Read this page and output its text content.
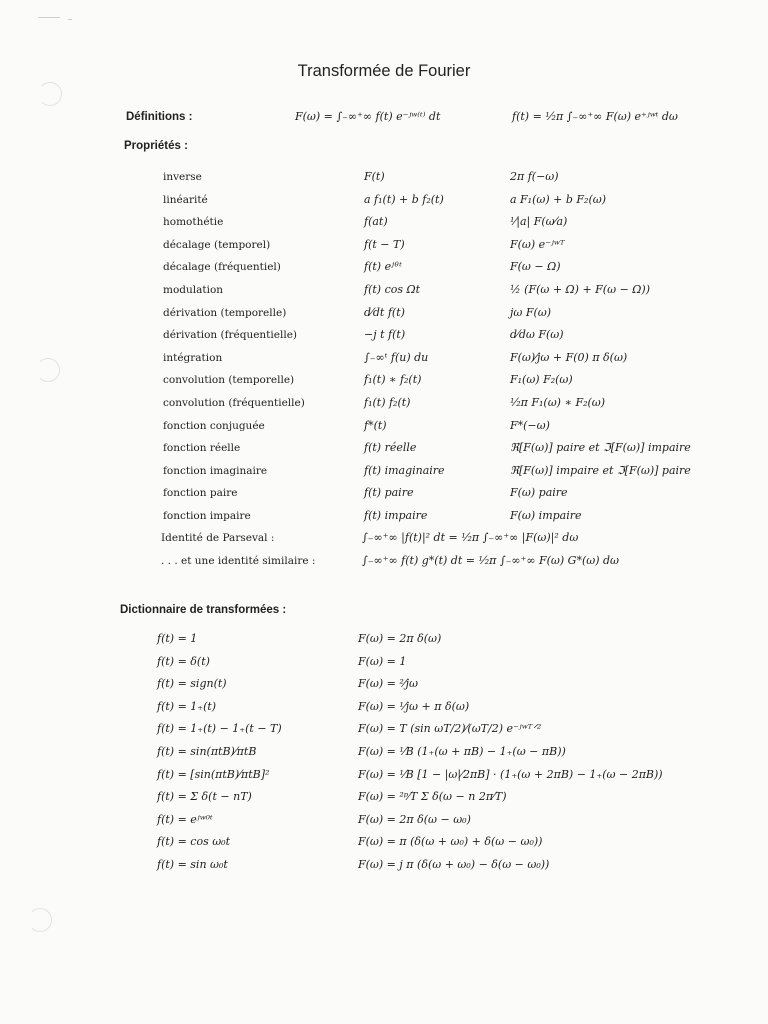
Transformée de Fourier
Définitions :	F(ω) = ∫₋∞⁺∞ f(t) e⁻ʲʷ⁽ᵗ⁾ dt	f(t) = ¹⁄₂π ∫₋∞⁺∞ F(ω) e⁺ʲʷᵗ dω
Propriétés :
inverse	F(t)	2π f(−ω)
linéarité	a f₁(t) + b f₂(t)	a F₁(ω) + b F₂(ω)
homothétie	f(at)	¹⁄|a| F(ω⁄a)
décalage (temporel)	f(t − T)	F(ω) e⁻ʲʷᵀ
décalage (fréquentiel)	f(t) eʲᶿᵗ	F(ω − Ω)
modulation	f(t) cos Ωt	½ (F(ω + Ω) + F(ω − Ω))
dérivation (temporelle)	d⁄dt f(t)	jω F(ω)
dérivation (fréquentielle)	−j t f(t)	d⁄dω F(ω)
intégration	∫₋∞ᵗ f(u) du	F(ω)⁄jω + F(0) π δ(ω)
convolution (temporelle)	f₁(t) ∗ f₂(t)	F₁(ω) F₂(ω)
convolution (fréquentielle)	f₁(t) f₂(t)	¹⁄₂π F₁(ω) ∗ F₂(ω)
fonction conjuguée	f*(t)	F*(−ω)
fonction réelle	f(t) réelle	ℜ[F(ω)] paire et ℑ[F(ω)] impaire
fonction imaginaire	f(t) imaginaire	ℜ[F(ω)] impaire et ℑ[F(ω)] paire
fonction paire	f(t) paire	F(ω) paire
fonction impaire	f(t) impaire	F(ω) impaire
Identité de Parseval :	∫₋∞⁺∞ |f(t)|² dt = ¹⁄₂π ∫₋∞⁺∞ |F(ω)|² dω
. . . et une identité similaire :	∫₋∞⁺∞ f(t) g*(t) dt = ¹⁄₂π ∫₋∞⁺∞ F(ω) G*(ω) dω
Dictionnaire de transformées :
f(t) = 1	F(ω) = 2π δ(ω)
f(t) = δ(t)	F(ω) = 1
f(t) = sign(t)	F(ω) = ²⁄jω
f(t) = 1₊(t)	F(ω) = ¹⁄jω + π δ(ω)
f(t) = 1₊(t) − 1₊(t − T)	F(ω) = T (sin ωT/2)⁄(ωT/2) e⁻ʲʷᵀᐟ²
f(t) = sin(πtB)⁄πtB	F(ω) = ¹⁄B (1₊(ω + πB) − 1₊(ω − πB))
f(t) = [sin(πtB)⁄πtB]²	F(ω) = ¹⁄B [1 − |ω|⁄2πB] · (1₊(ω + 2πB) − 1₊(ω − 2πB))
f(t) = Σ δ(t − nT)	F(ω) = ²ᵖ⁄T Σ δ(ω − n 2π⁄T)
f(t) = eʲʷ⁰ᵗ	F(ω) = 2π δ(ω − ω₀)
f(t) = cos ω₀t	F(ω) = π (δ(ω + ω₀) + δ(ω − ω₀))
f(t) = sin ω₀t	F(ω) = j π (δ(ω + ω₀) − δ(ω − ω₀))
